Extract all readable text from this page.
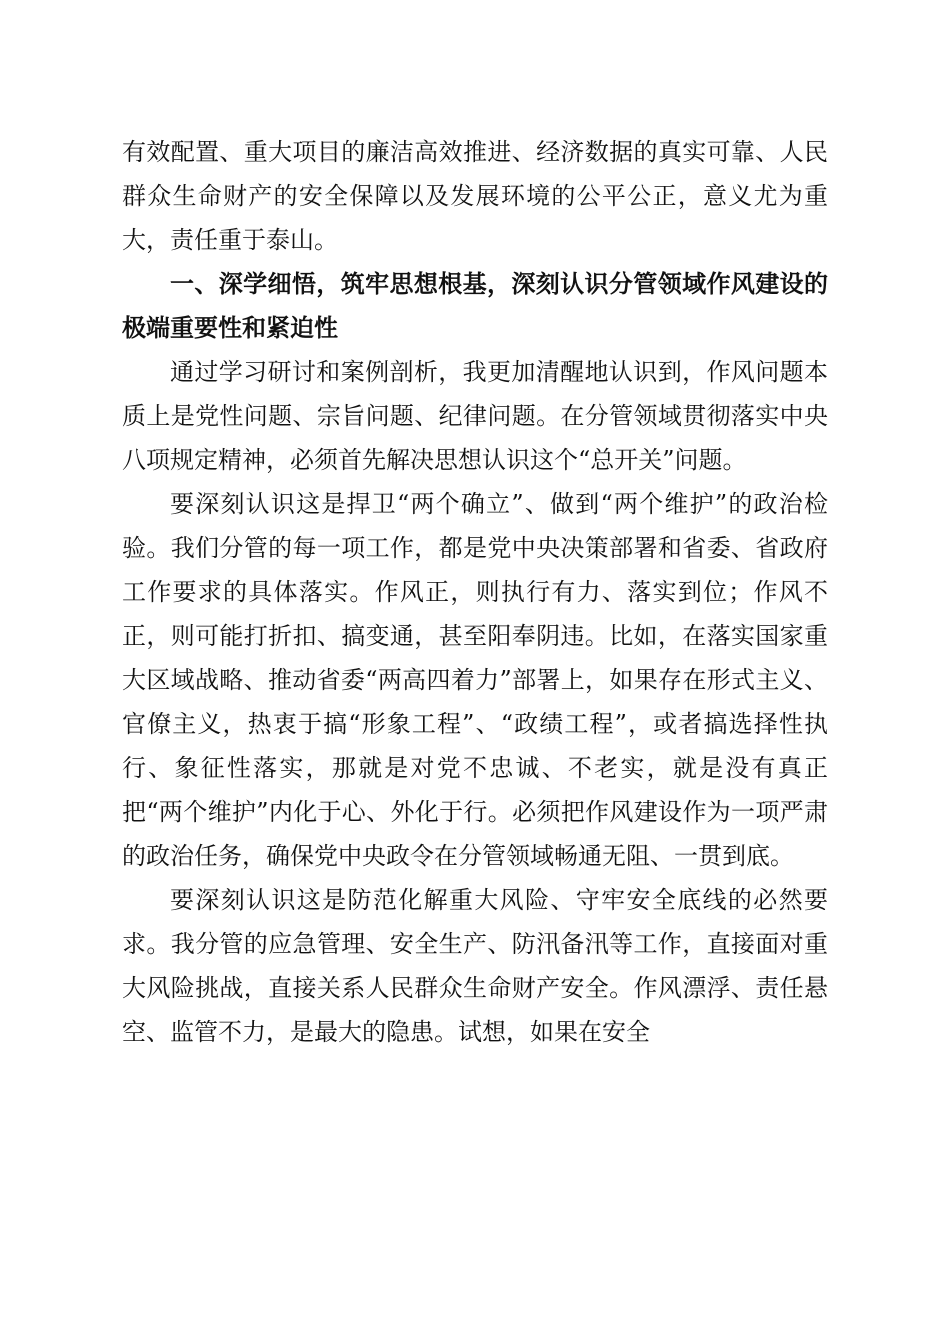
有效配置、重大项目的廉洁高效推进、经济数据的真实可靠、人民群众生命财产的安全保障以及发展环境的公平公正，意义尤为重大，责任重于泰山。

一、深学细悟，筑牢思想根基，深刻认识分管领域作风建设的极端重要性和紧迫性

通过学习研讨和案例剖析，我更加清醒地认识到，作风问题本质上是党性问题、宗旨问题、纪律问题。在分管领域贯彻落实中央八项规定精神，必须首先解决思想认识这个“总开关”问题。

要深刻认识这是捍卫“两个确立”、做到“两个维护”的政治检验。我们分管的每一项工作，都是党中央决策部署和省委、省政府工作要求的具体落实。作风正，则执行有力、落实到位；作风不正，则可能打折扣、搞变通，甚至阳奉阴违。比如，在落实国家重大区域战略、推动省委“两高四着力”部署上，如果存在形式主义、官僚主义，热衷于搞“形象工程”、“政绩工程”，或者搞选择性执行、象征性落实，那就是对党不忠诚、不老实，就是没有真正把“两个维护”内化于心、外化于行。必须把作风建设作为一项严肃的政治任务，确保党中央政令在分管领域畅通无阻、一贯到底。

要深刻认识这是防范化解重大风险、守牢安全底线的必然要求。我分管的应急管理、安全生产、防汛备汛等工作，直接面对重大风险挑战，直接关系人民群众生命财产安全。作风漂浮、责任悬空、监管不力，是最大的隐患。试想，如果在安全
